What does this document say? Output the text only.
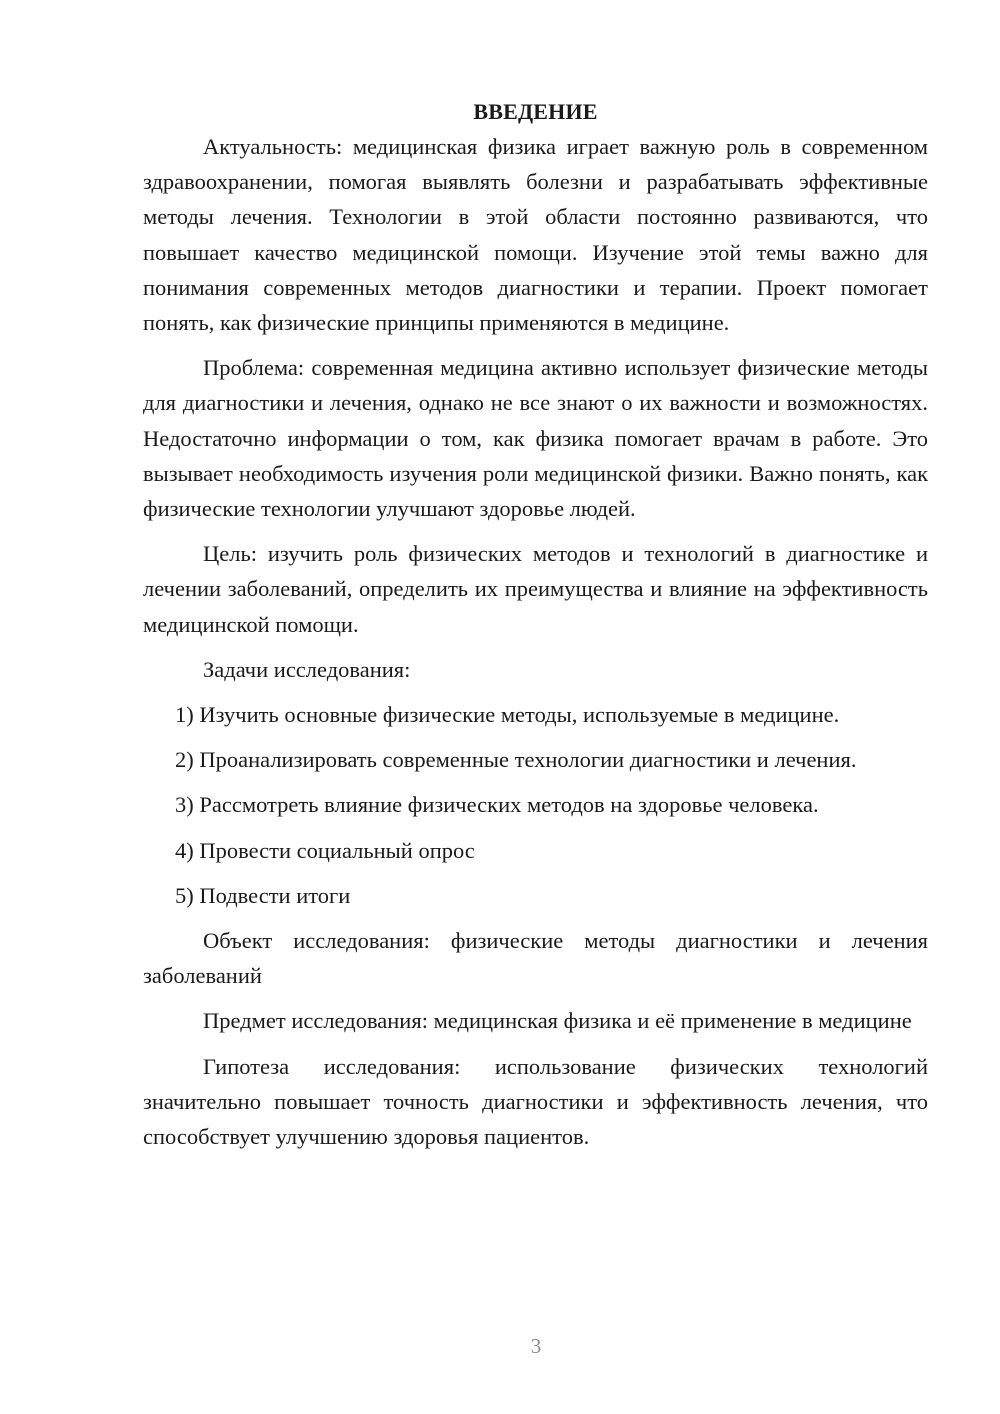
ВВЕДЕНИЕ

Актуальность: медицинская физика играет важную роль в современном здравоохранении, помогая выявлять болезни и разрабатывать эффективные методы лечения. Технологии в этой области постоянно развиваются, что повышает качество медицинской помощи. Изучение этой темы важно для понимания современных методов диагностики и терапии. Проект помогает понять, как физические принципы применяются в медицине.

Проблема: современная медицина активно использует физические методы для диагностики и лечения, однако не все знают о их важности и возможностях. Недостаточно информации о том, как физика помогает врачам в работе. Это вызывает необходимость изучения роли медицинской физики. Важно понять, как физические технологии улучшают здоровье людей.

Цель: изучить роль физических методов и технологий в диагностике и лечении заболеваний, определить их преимущества и влияние на эффективность медицинской помощи.

Задачи исследования:

1) Изучить основные физические методы, используемые в медицине.

2) Проанализировать современные технологии диагностики и лечения.

3) Рассмотреть влияние физических методов на здоровье человека.

4) Провести социальный опрос

5) Подвести итоги

Объект исследования: физические методы диагностики и лечения заболеваний

Предмет исследования: медицинская физика и её применение в медицине

Гипотеза исследования: использование физических технологий значительно повышает точность диагностики и эффективность лечения, что способствует улучшению здоровья пациентов.

3
